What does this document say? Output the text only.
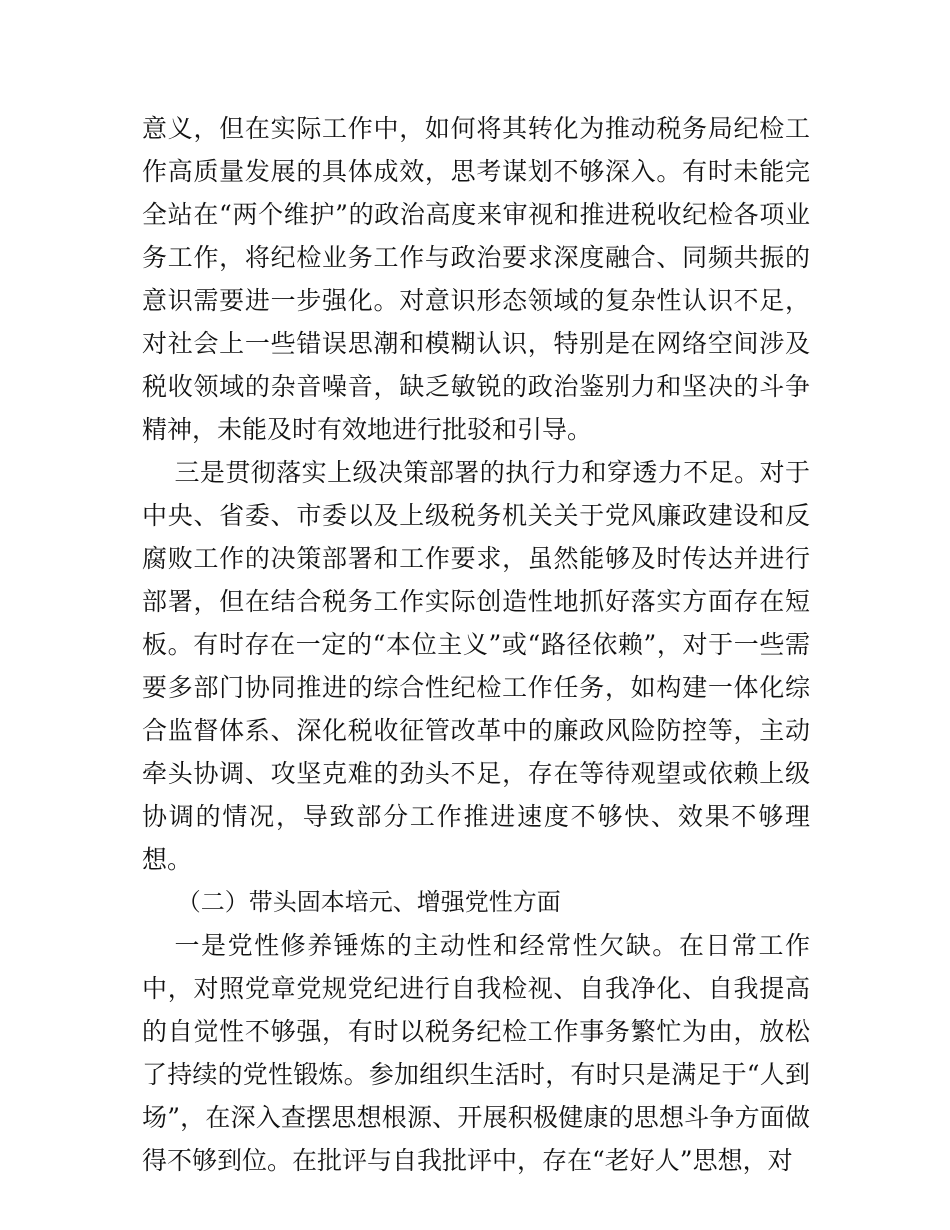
意义，但在实际工作中，如何将其转化为推动税务局纪检工作高质量发展的具体成效，思考谋划不够深入。有时未能完全站在“两个维护”的政治高度来审视和推进税收纪检各项业务工作，将纪检业务工作与政治要求深度融合、同频共振的意识需要进一步强化。对意识形态领域的复杂性认识不足，对社会上一些错误思潮和模糊认识，特别是在网络空间涉及税收领域的杂音噪音，缺乏敏锐的政治鉴别力和坚决的斗争精神，未能及时有效地进行批驳和引导。

三是贯彻落实上级决策部署的执行力和穿透力不足。对于中央、省委、市委以及上级税务机关关于党风廉政建设和反腐败工作的决策部署和工作要求，虽然能够及时传达并进行部署，但在结合税务工作实际创造性地抓好落实方面存在短板。有时存在一定的“本位主义”或“路径依赖”，对于一些需要多部门协同推进的综合性纪检工作任务，如构建一体化综合监督体系、深化税收征管改革中的廉政风险防控等，主动牵头协调、攻坚克难的劲头不足，存在等待观望或依赖上级协调的情况，导致部分工作推进速度不够快、效果不够理想。

（二）带头固本培元、增强党性方面

一是党性修养锤炼的主动性和经常性欠缺。在日常工作中，对照党章党规党纪进行自我检视、自我净化、自我提高的自觉性不够强，有时以税务纪检工作事务繁忙为由，放松了持续的党性锻炼。参加组织生活时，有时只是满足于“人到场”，在深入查摆思想根源、开展积极健康的思想斗争方面做得不够到位。在批评与自我批评中，存在“老好人”思想，对
